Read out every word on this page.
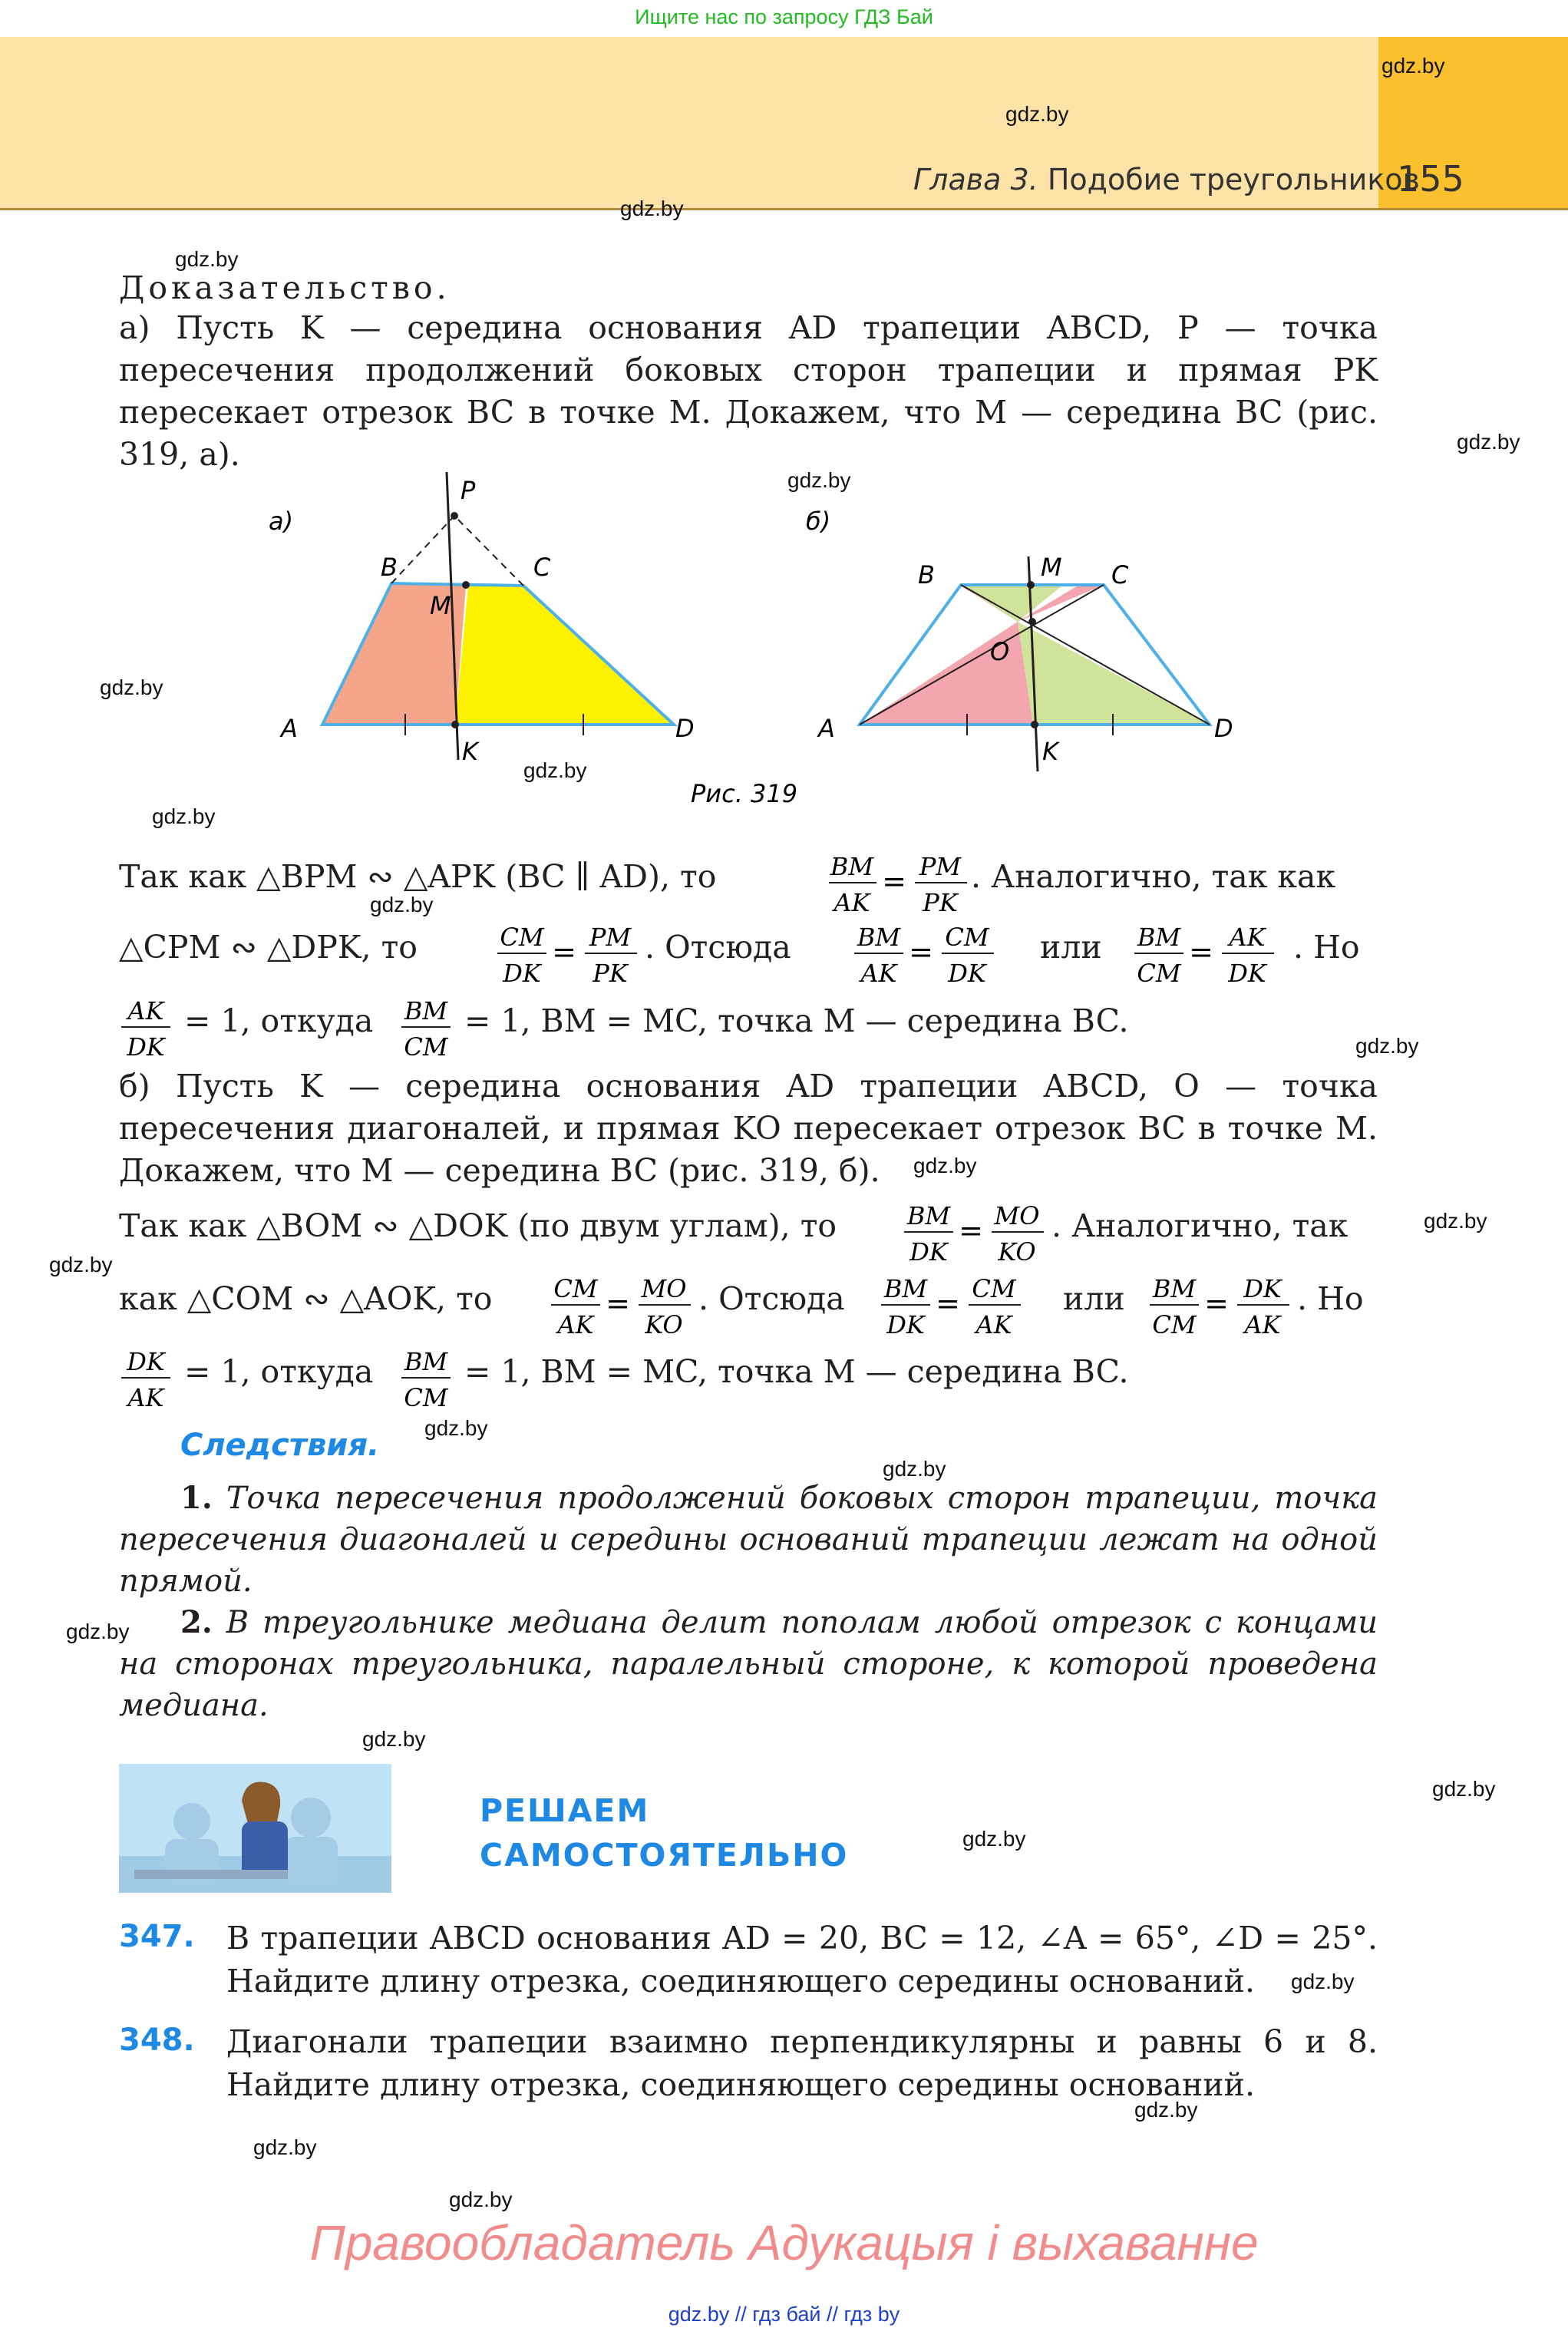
Ищите нас по запросу ГДЗ Бай
Глава 3. Подобие треугольников
155
gdz.by
gdz.by
gdz.by
gdz.by
gdz.by
gdz.by
gdz.by
gdz.by
gdz.by
gdz.by
gdz.by
gdz.by
gdz.by
gdz.by
gdz.by
gdz.by
gdz.by
gdz.by
gdz.by
gdz.by
gdz.by
gdz.by
gdz.by
gdz.by
Доказательство.
а) Пусть K — середина основания AD трапеции ABCD, P — точка пересечения продолжений боковых сторон трапеции и прямая PK пересекает отрезок BC в точке M. Докажем, что M — середина BC (рис. 319, а).
а)
P
B
M
C
A
K
D
б)
M
B	C
O
A
K
D
Рис. 319
Так как △BPM ∾ △APK (BC ∥ AD), то	BM
AK
= PM
PK
. Аналогично, так как
△CPM ∾ △DPK, то	CM
DK
= PM
PK
. Отсюда	BM
AK
= CM
DK
или BM
CM
= AK
DK
. Но
AK
DK
= 1, откуда BM
CM
= 1, BM = MC, точка M — середина BC.
б) Пусть K — середина основания AD трапеции ABCD, O — точка пересечения диагоналей, и прямая KO пересекает отрезок BC в точке M. Докажем, что M — середина BC (рис. 319, б).
Так как △BOM ∾ △DOK (по двум углам), то	BM
DK
= MO
KO
. Аналогично, так
как △COM ∾ △AOK, то CM
AK
= MO
KO
. Отсюда BM
DK
= CM
AK
или BM
CM
= DK
AK
. Но
DK
AK
= 1, откуда BM
CM
= 1, BM = MC, точка M — середина BC.
Следствия.
1. Точка пересечения продолжений боковых сторон трапеции, точка пересечения диагоналей и середины оснований трапеции лежат на одной прямой.
2. В треугольнике медиана делит пополам любой отрезок с концами на сторонах треугольника, паралельный стороне, к которой проведена медиана.
РЕШАЕМ
САМОСТОЯТЕЛЬНО
347. В трапеции ABCD основания AD = 20, BC = 12, ∠A = 65°, ∠D = 25°. Найдите длину отрезка, соединяющего середины оснований.
348. Диагонали трапеции взаимно перпендикулярны и равны 6 и 8. Найдите длину отрезка, соединяющего середины оснований.
Правообладатель Адукацыя і выхаванне
gdz.by // гдз бай // гдз by
